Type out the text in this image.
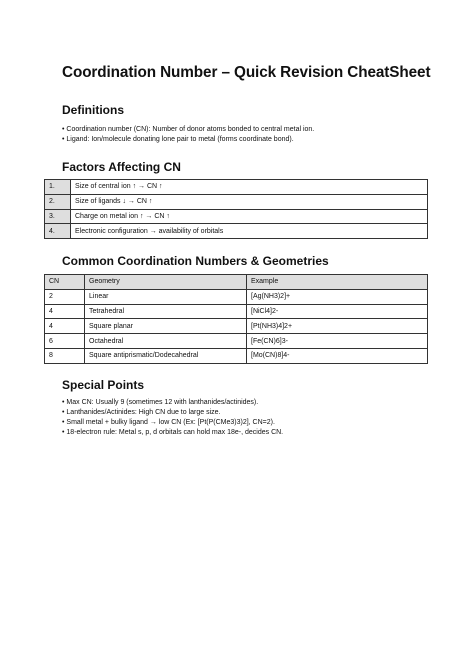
Coordination Number – Quick Revision CheatSheet
Definitions
• Coordination number (CN): Number of donor atoms bonded to central metal ion.
• Ligand: Ion/molecule donating lone pair to metal (forms coordinate bond).
Factors Affecting CN
1.	Size of central ion ↑ → CN ↑
2.	Size of ligands ↓ → CN ↑
3.	Charge on metal ion ↑ → CN ↑
4.	Electronic configuration → availability of orbitals
Common Coordination Numbers & Geometries
CN	Geometry	Example
2	Linear	[Ag(NH3)2]+
4	Tetrahedral	[NiCl4]2-
4	Square planar	[Pt(NH3)4]2+
6	Octahedral	[Fe(CN)6]3-
8	Square antiprismatic/Dodecahedral	[Mo(CN)8]4-
Special Points
• Max CN: Usually 9 (sometimes 12 with lanthanides/actinides).
• Lanthanides/Actinides: High CN due to large size.
• Small metal + bulky ligand → low CN (Ex: [Pt(P(CMe3)3)2], CN=2).
• 18-electron rule: Metal s, p, d orbitals can hold max 18e-, decides CN.
